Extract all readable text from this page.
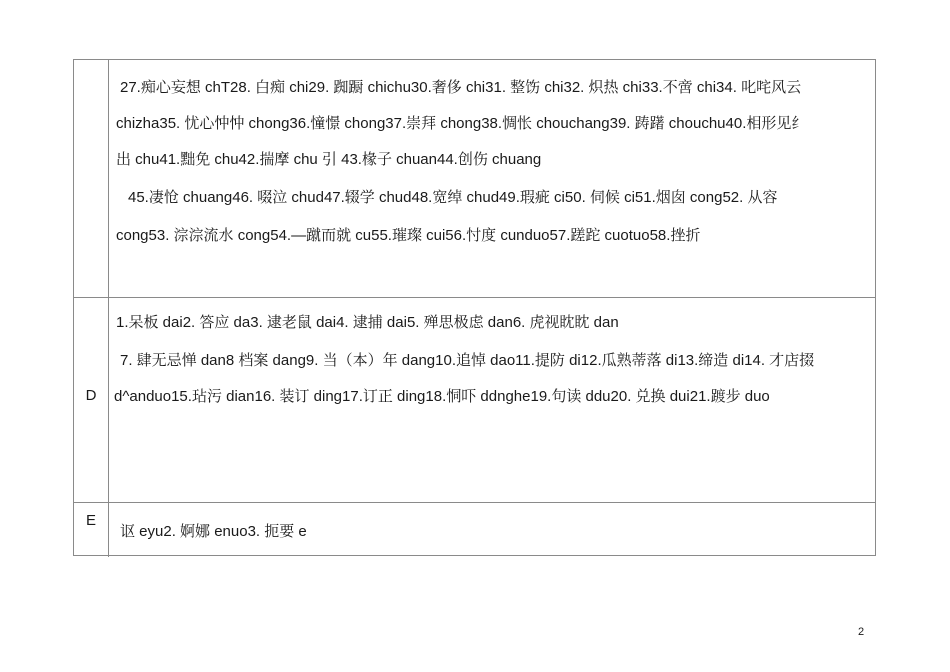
27.痴心妄想 chT28. 白痴 chi29. 踟蹰 chichu30.奢侈 chi31. 整饬 chi32. 炽热 chi33.不啻 chi34. 叱咤风云
chizha35. 忧心忡忡 chong36.憧憬 chong37.崇拜 chong38.惆怅 chouchang39. 踌躇 chouchu40.相形见纟
出 chu41.黜免 chu42.揣摩 chu 引 43.椽子 chuan44.创伤 chuang
45.凄怆 chuang46. 啜泣 chud47.辍学 chud48.宽绰 chud49.瑕疵 ci50. 伺候 ci51.烟囱 cong52. 从容
cong53. 淙淙流水 cong54.—蹴而就 cu55.璀璨 cui56.忖度 cunduo57.蹉跎 cuotuo58.挫折
D
1.呆板 dai2. 答应 da3. 逮老鼠 dai4. 逮捕 dai5. 殚思极虑 dan6. 虎视眈眈 dan
7. 肆无忌惮 dan8 档案 dang9. 当（本）年 dang10.追悼 dao11.提防 di12.瓜熟蒂落 di13.缔造 di14. 才店掇
d^anduo15.玷污 dian16. 装订 ding17.订正 ding18.恫吓 ddnghe19.句读 ddu20. 兑换 dui21.踱步 duo
E
讴 eyu2. 婀娜 enuo3. 扼要 e
2
